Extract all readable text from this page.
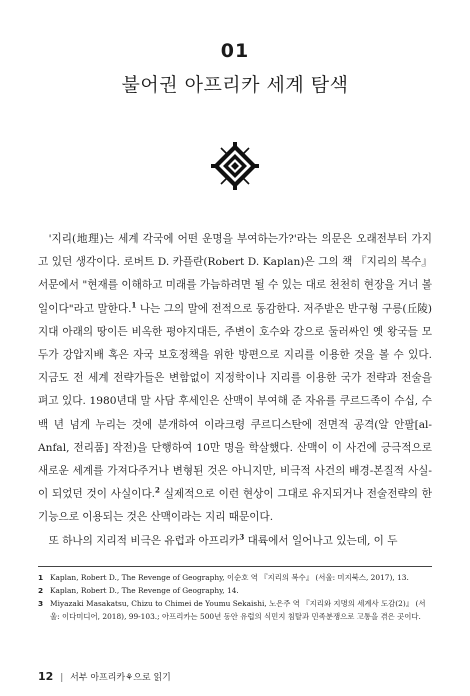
01
불어권 아프리카 세계 탐색

'지리(地理)는 세계 각국에 어떤 운명을 부여하는가?'라는 의문은 오래전부터 가지고 있던 생각이다. 로버트 D. 카플란(Robert D. Kaplan)은 그의 책 『지리의 복수』 서문에서 "현재를 이해하고 미래를 가늠하려면 될 수 있는 대로 천천히 현장을 거너 볼 일이다"라고 말한다.$^1$ 나는 그의 말에 전적으로 동감한다. 저주받은 반구형 구릉(丘陵)지대 아래의 땅이든 비옥한 평야지대든, 주변이 호수와 강으로 둘러싸인 옛 왕국들 모두가 강압지배 혹은 자국 보호정책을 위한 방편으로 지리를 이용한 것을 볼 수 있다. 지금도 전 세계 전략가들은 변함없이 지정학이나 지리를 이용한 국가 전략과 전술을 펴고 있다. 1980년대 말 사담 후세인은 산맥이 부여해 준 자유를 쿠르드족이 수십, 수백 년 넘게 누리는 것에 분개하여 이라크령 쿠르디스탄에 전면적 공격(알 안팔[al-Anfal, 전리품] 작전)을 단행하여 10만 명을 학살했다. 산맥이 이 사건에 긍극적으로 새로운 세계를 가져다주거나 변형된 것은 아니지만, 비극적 사건의 배경-본질적 사실-이 되었던 것이 사실이다.$^2$ 실제적으로 이런 현상이 그대로 유지되거나 전술전략의 한 기능으로 이용되는 것은 산맥이라는 지리 때문이다.

또 하나의 지리적 비극은 유럽과 아프리카$^3$ 대륙에서 일어나고 있는데, 이 두

1 Kaplan, Robert D., The Revenge of Geography, 이순호 역 『지리의 복수』 (서울: 미지북스, 2017), 13.
2 Kaplan, Robert D., The Revenge of Geography, 14.
3 Miyazaki Masakatsu, Chizu to Chimei de Youmu Sekaishi, 노은주 역 『지리와 지명의 세계사 도감(2)』 (서울: 이다미디어, 2018), 99-103.; 아프리카는 500년 동안 유럽의 식민지 침탈과 민족분쟁으로 고통을 겪은 곳이다.
12 | 서부 아프리카⚘으로 읽기
